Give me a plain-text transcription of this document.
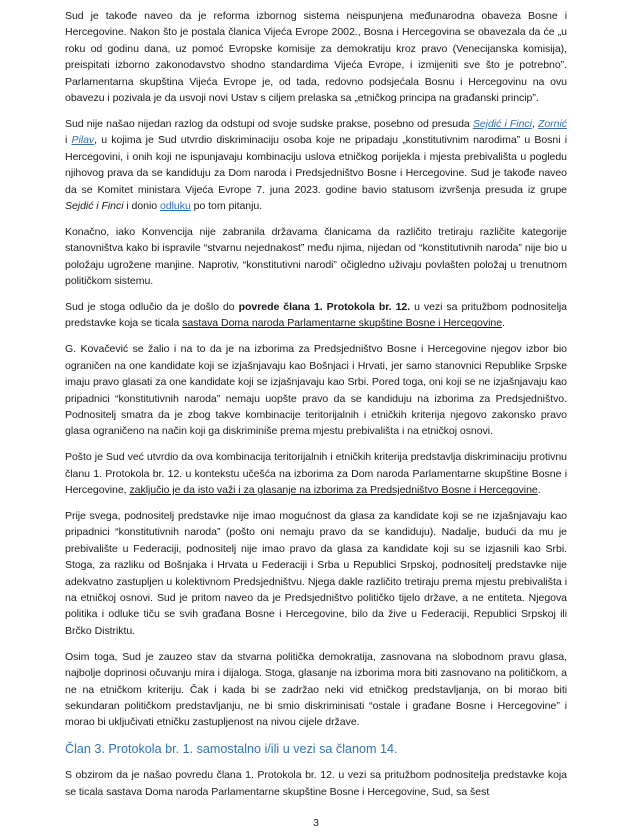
Sud je takođe naveo da je reforma izbornog sistema neispunjena međunarodna obaveza Bosne i Hercegovine. Nakon što je postala članica Vijeća Evrope 2002., Bosna i Hercegovina se obavezala da će „u roku od godinu dana, uz pomoć Evropske komisije za demokratiju kroz pravo (Venecijanska komisija), preispitati izborno zakonodavstvo shodno standardima Vijeća Evrope, i izmijeniti sve što je potrebno”. Parlamentarna skupština Vijeća Evrope je, od tada, redovno podsjećala Bosnu i Hercegovinu na ovu obavezu i pozivala je da usvoji novi Ustav s ciljem prelaska sa „etničkog principa na građanski princip”.

Sud nije našao nijedan razlog da odstupi od svoje sudske prakse, posebno od presuda Sejdić i Finci, Zornić i Pilav, u kojima je Sud utvrdio diskriminaciju osoba koje ne pripadaju „konstitutivnim narodima” u Bosni i Hercegovini, i onih koji ne ispunjavaju kombinaciju uslova etničkog porijekla i mjesta prebivališta u pogledu njihovog prava da se kandiduju za Dom naroda i Predsjedništvo Bosne i Hercegovine. Sud je takođe naveo da se Komitet ministara Vijeća Evrope 7. juna 2023. godine bavio statusom izvršenja presuda iz grupe Sejdić i Finci i donio odluku po tom pitanju.

Konačno, iako Konvencija nije zabranila državama članicama da različito tretiraju različite kategorije stanovništva kako bi ispravile “stvarnu nejednakost” među njima, nijedan od “konstitutivnih naroda” nije bio u položaju ugrožene manjine. Naprotiv, “konstitutivni narodi” očigledno uživaju povlašten položaj u trenutnom političkom sistemu.

Sud je stoga odlučio da je došlo do povrede člana 1. Protokola br. 12. u vezi sa pritužbom podnositelja predstavke koja se ticala sastava Doma naroda Parlamentarne skupštine Bosne i Hercegovine.

G. Kovačević se žalio i na to da je na izborima za Predsjedništvo Bosne i Hercegovine njegov izbor bio ograničen na one kandidate koji se izjašnjavaju kao Bošnjaci i Hrvati, jer samo stanovnici Republike Srpske imaju pravo glasati za one kandidate koji se izjašnjavaju kao Srbi. Pored toga, oni koji se ne izjašnjavaju kao pripadnici “konstitutivnih naroda” nemaju uopšte pravo da se kandiduju na izborima za Predsjedništvo. Podnositelj smatra da je zbog takve kombinacije teritorijalnih i etničkih kriterija njegovo zakonsko pravo glasa ograničeno na način koji ga diskriminiše prema mjestu prebivališta i na etničkoj osnovi.

Pošto je Sud već utvrdio da ova kombinacija teritorijalnih i etničkih kriterija predstavlja diskriminaciju protivnu članu 1. Protokola br. 12. u kontekstu učešća na izborima za Dom naroda Parlamentarne skupštine Bosne i Hercegovine, zaključio je da isto važi i za glasanje na izborima za Predsjedništvo Bosne i Hercegovine.

Prije svega, podnositelj predstavke nije imao mogućnost da glasa za kandidate koji se ne izjašnjavaju kao pripadnici “konstitutivnih naroda” (pošto oni nemaju pravo da se kandiduju). Nadalje, budući da mu je prebivalište u Federaciji, podnositelj nije imao pravo da glasa za kandidate koji su se izjasnili kao Srbi. Stoga, za razliku od Bošnjaka i Hrvata u Federaciji i Srba u Republici Srpskoj, podnositelj predstavke nije adekvatno zastupljen u kolektivnom Predsjedništvu. Njega dakle različito tretiraju prema mjestu prebivališta i na etničkoj osnovi. Sud je pritom naveo da je Predsjedništvo političko tijelo države, a ne entiteta. Njegova politika i odluke tiču se svih građana Bosne i Hercegovine, bilo da žive u Federaciji, Republici Srpskoj ili Brčko Distriktu.

Osim toga, Sud je zauzeo stav da stvarna politička demokratija, zasnovana na slobodnom pravu glasa, najbolje doprinosi očuvanju mira i dijaloga. Stoga, glasanje na izborima mora biti zasnovano na političkom, a ne na etničkom kriteriju. Čak i kada bi se zadržao neki vid etničkog predstavljanja, on bi morao biti sekundaran političkom predstavljanju, ne bi smio diskriminisati “ostale i građane Bosne i Hercegovine” i morao bi uključivati etničku zastupljenost na nivou cijele države.

Član 3. Protokola br. 1. samostalno i/ili u vezi sa članom 14.

S obzirom da je našao povredu člana 1. Protokola br. 12. u vezi sa pritužbom podnositelja predstavke koja se ticala sastava Doma naroda Parlamentarne skupštine Bosne i Hercegovine, Sud, sa šest

3
